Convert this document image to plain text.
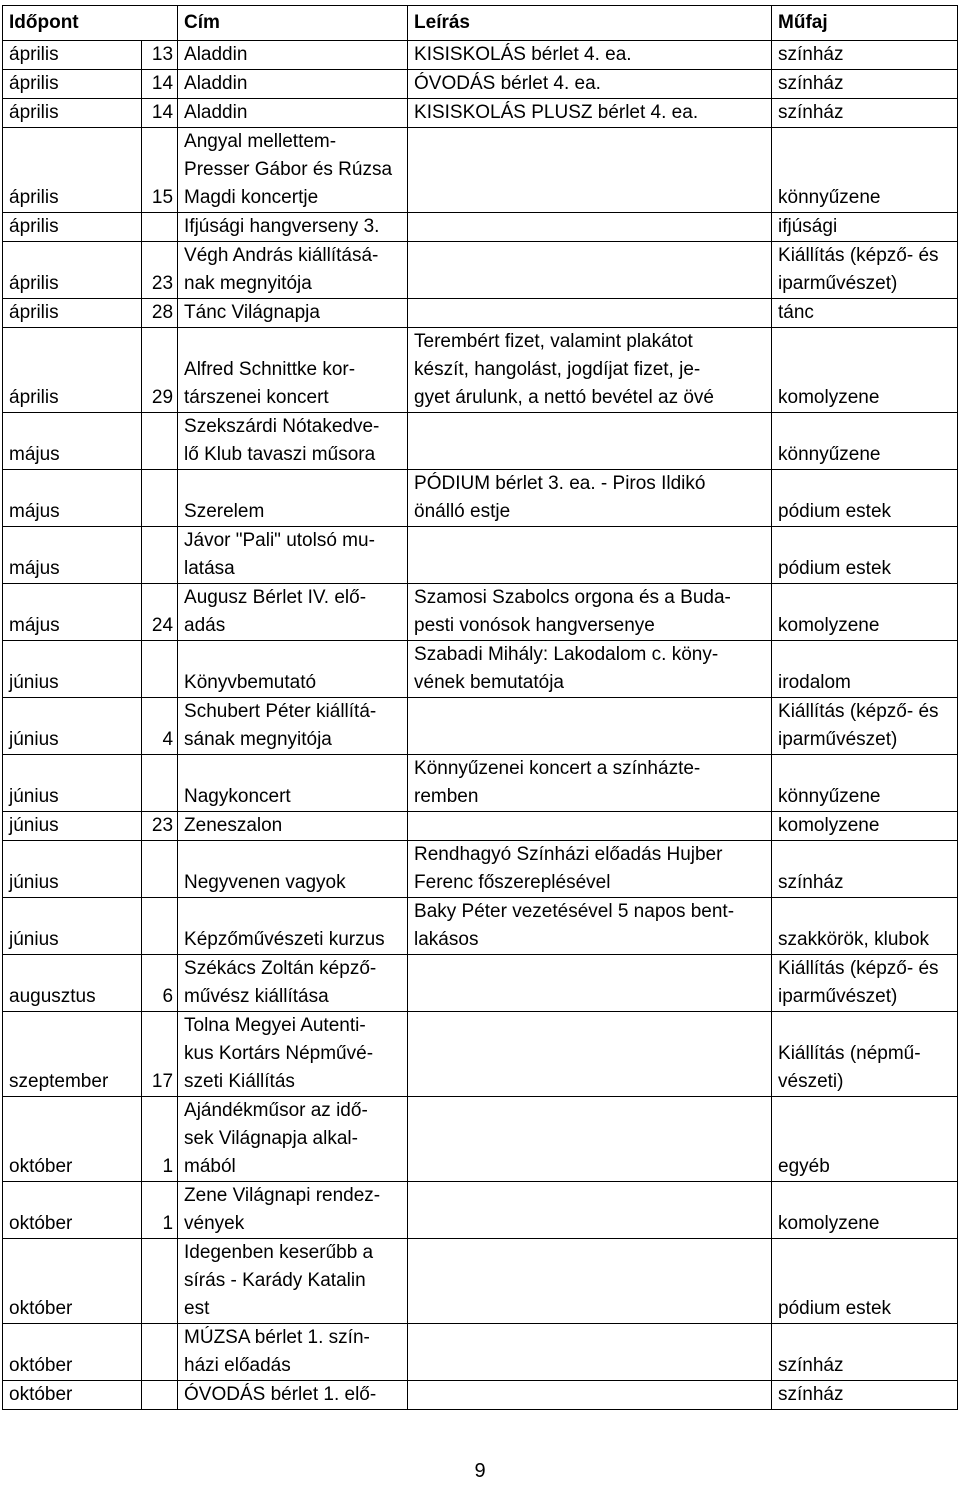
Időpont		Cím	Leírás	Műfaj
április	13	Aladdin	KISISKOLÁS bérlet 4. ea.	színház
április	14	Aladdin	ÓVODÁS bérlet 4. ea.	színház
április	14	Aladdin	KISISKOLÁS PLUSZ bérlet 4. ea.	színház
április	15	Angyal mellettem-
Presser Gábor és Rúzsa
Magdi koncertje		könnyűzene
április		Ifjúsági hangverseny 3.		ifjúsági
április	23	Végh András kiállításá-
nak megnyitója		Kiállítás (képző- és
iparművészet)
április	28	Tánc Világnapja		tánc
április	29	Alfred Schnittke kor-
társzenei koncert	Terembért fizet, valamint plakátot
készít, hangolást, jogdíjat fizet, je-
gyet árulunk, a nettó bevétel az övé	komolyzene
május		Szekszárdi Nótakedve-
lő Klub tavaszi műsora		könnyűzene
május		Szerelem	PÓDIUM bérlet 3. ea. - Piros Ildikó
önálló estje	pódium estek
május		Jávor "Pali" utolsó mu-
latása		pódium estek
május	24	Augusz Bérlet IV. elő-
adás	Szamosi Szabolcs orgona és a Buda-
pesti vonósok hangversenye	komolyzene
június		Könyvbemutató	Szabadi Mihály: Lakodalom c. köny-
vének bemutatója	irodalom
június	4	Schubert Péter kiállítá-
sának megnyitója		Kiállítás (képző- és
iparművészet)
június		Nagykoncert	Könnyűzenei koncert a színházte-
remben	könnyűzene
június	23	Zeneszalon		komolyzene
június		Negyvenen vagyok	Rendhagyó Színházi előadás Hujber
Ferenc főszereplésével	színház
június		Képzőművészeti kurzus	Baky Péter vezetésével 5 napos bent-
lakásos	szakkörök, klubok
augusztus	6	Székács Zoltán képző-
művész kiállítása		Kiállítás (képző- és
iparművészet)
szeptember	17	Tolna Megyei Autenti-
kus Kortárs Népművé-
szeti Kiállítás		Kiállítás (népmű-
vészeti)
október	1	Ajándékműsor az idő-
sek Világnapja alkal-
mából		egyéb
október	1	Zene Világnapi rendez-
vények		komolyzene
október		Idegenben keserűbb a
sírás - Karády Katalin
est		pódium estek
október		MÚZSA bérlet 1. szín-
házi előadás		színház
október		ÓVODÁS bérlet 1. elő-		színház
9
